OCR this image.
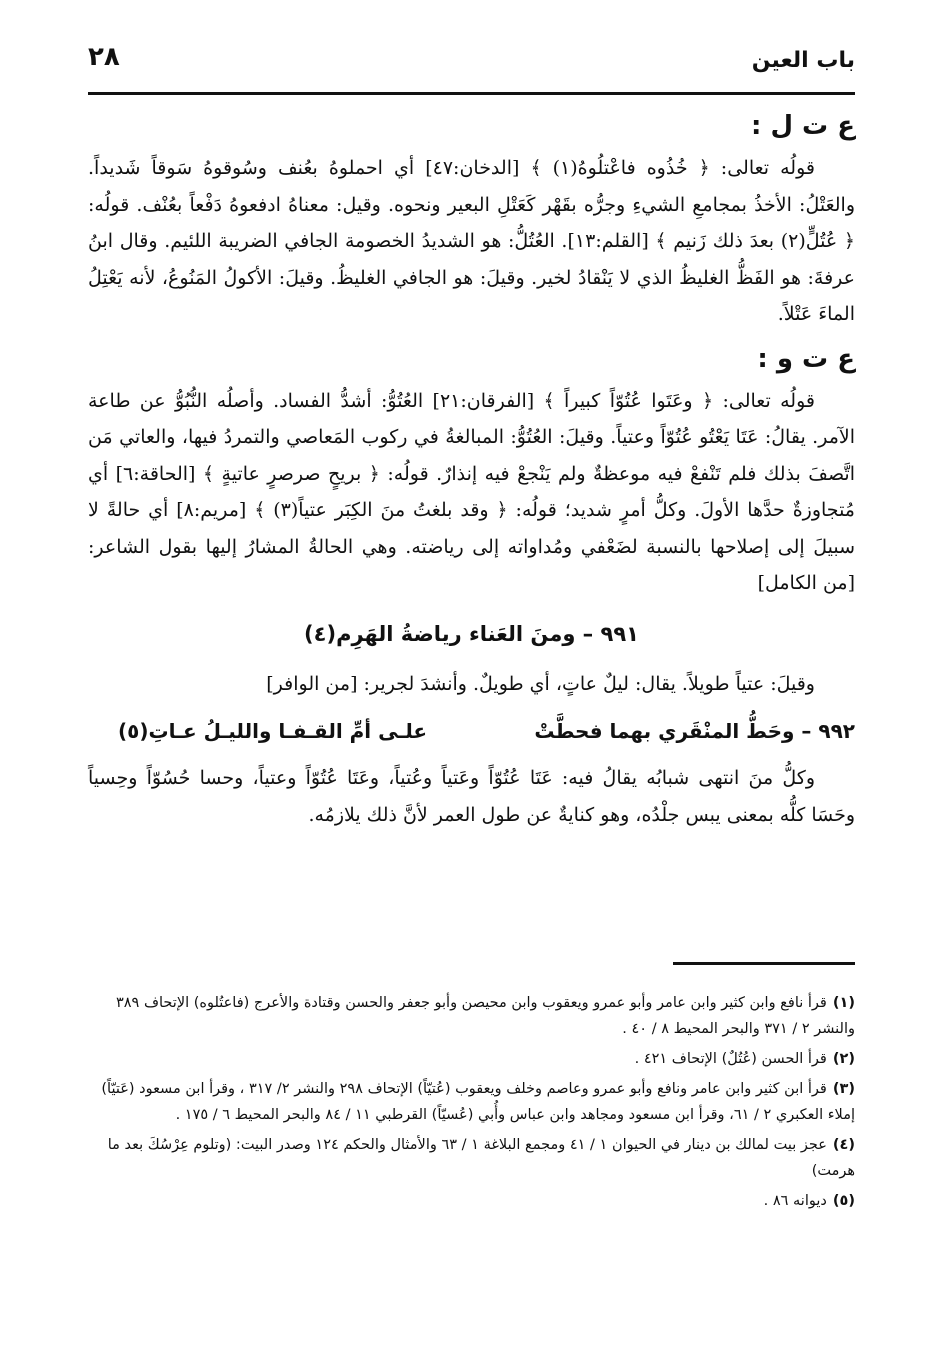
باب العين
٢٨
ع ت ل :

قولُه تعالى: ﴿ خُذُوه فاعْتلُوهُ(١) ﴾ [الدخان:٤٧] أي احملوهُ بعُنف وسُوقوهُ سَوقاً شَديداً. والعَتْلُ: الأخذُ بمجامعِ الشيءِ وجرُّه بقَهْر كَعَتْلِ البعير ونحوه. وقيل: معناهُ ادفعوهُ دَفْعاً بعُنْف. قولُه: ﴿ عُتُلٍّ(٢) بعدَ ذلك زَنيم ﴾ [القلم:١٣]. العُتُلُّ: هو الشديدُ الخصومة الجافي الضريبة اللئيم. وقال ابنُ عرفةَ: هو الفَظُّ الغليظُ الذي لا يَنْقادُ لخير. وقيلَ: هو الجافي الغليظُ. وقيلَ: الأكولُ المَنُوعُ، لأنه يَعْتِلُ الماءَ عَتْلاً.

ع ت و :

قولُه تعالى: ﴿ وعَتَوا عُتُوّاً كبيراً ﴾ [الفرقان:٢١] العُتُوُّ: أشدُّ الفساد. وأصلُه النُّبُوُّ عن طاعة الآمر. يقالُ: عَتَا يَعْتُو عُتُوّاً وعتياً. وقيلَ: العُتُوُّ: المبالغةُ في ركوب المَعاصي والتمردُ فيها، والعاتي مَن اتَّصفَ بذلك فلم تَنْفعْ فيه موعظةٌ ولم يَنْجعْ فيه إنذارٌ. قولُه: ﴿ بريحٍ صرصرٍ عاتيةٍ ﴾ [الحاقة:٦] أي مُتجاوزةٌ حدَّها الأولَ. وكلُّ أمرٍ شديد؛ قولُه: ﴿ وقد بلغتُ منَ الكِبَر عتياً(٣) ﴾ [مريم:٨] أي حالةً لا سبيلَ إلى إصلاحها بالنسبة لضَعْفي ومُداواته إلى رياضته. وهي الحالةُ المشارُ إليها بقول الشاعر: [من الكامل]

٩٩١ – ومنَ العَناء رياضةُ الهَرِم(٤)

وقيلَ: عتياً طويلاً. يقال: ليلٌ عاتٍ، أي طويلٌ. وأنشدَ لجرير: [من الوافر]

٩٩٢ – وحَطُّ المنْقَري بهما فحطَّتْ
علـى أمِّ القـفـا والليـلُ عـاتِ(٥)

وكلُّ منَ انتهى شبابُه يقالُ فيه: عَتَا عُتُوّاً وعَتياً وعُتياً، وعَتَا عُتُوّاً وعتياً، وحسا حُسُوّاً وحِسياً وحَسَا كلُّه بمعنى يبس جلْدُه، وهو كنايةٌ عن طول العمر لأنَّ ذلك يلازمُه.

(١)قرأ نافع وابن كثير وابن عامر وأبو عمرو ويعقوب وابن محيصن وأبو جعفر والحسن وقتادة والأعرج (فاعتُلوه) الإتحاف ٣٨٩ والنشر ٢ / ٣٧١ والبحر المحيط ٨ / ٤٠ .

(٢)قرأ الحسن (عُتُلٌ) الإتحاف ٤٢١ .

(٣)قرأ ابن كثير وابن عامر ونافع وأبو عمرو وعاصم وخلف ويعقوب (عُتيّاً) الإتحاف ٢٩٨ والنشر ٢/ ٣١٧ ، وقرأ ابن مسعود (عَتيّاً) إملاء العكبري ٢ / ٦١، وقرأ ابن مسعود ومجاهد وابن عباس وأُبي (عُسيّاً) القرطبي ١١ / ٨٤ والبحر المحيط ٦ / ١٧٥ .

(٤)عجز بيت لمالك بن دينار في الحيوان ١ / ٤١ ومجمع البلاغة ١ / ٦٣ والأمثال والحكم ١٢٤ وصدر البيت: (وتلوم عِرْسُكَ بعد ما هرمت)

(٥)ديوانه ٨٦ .
